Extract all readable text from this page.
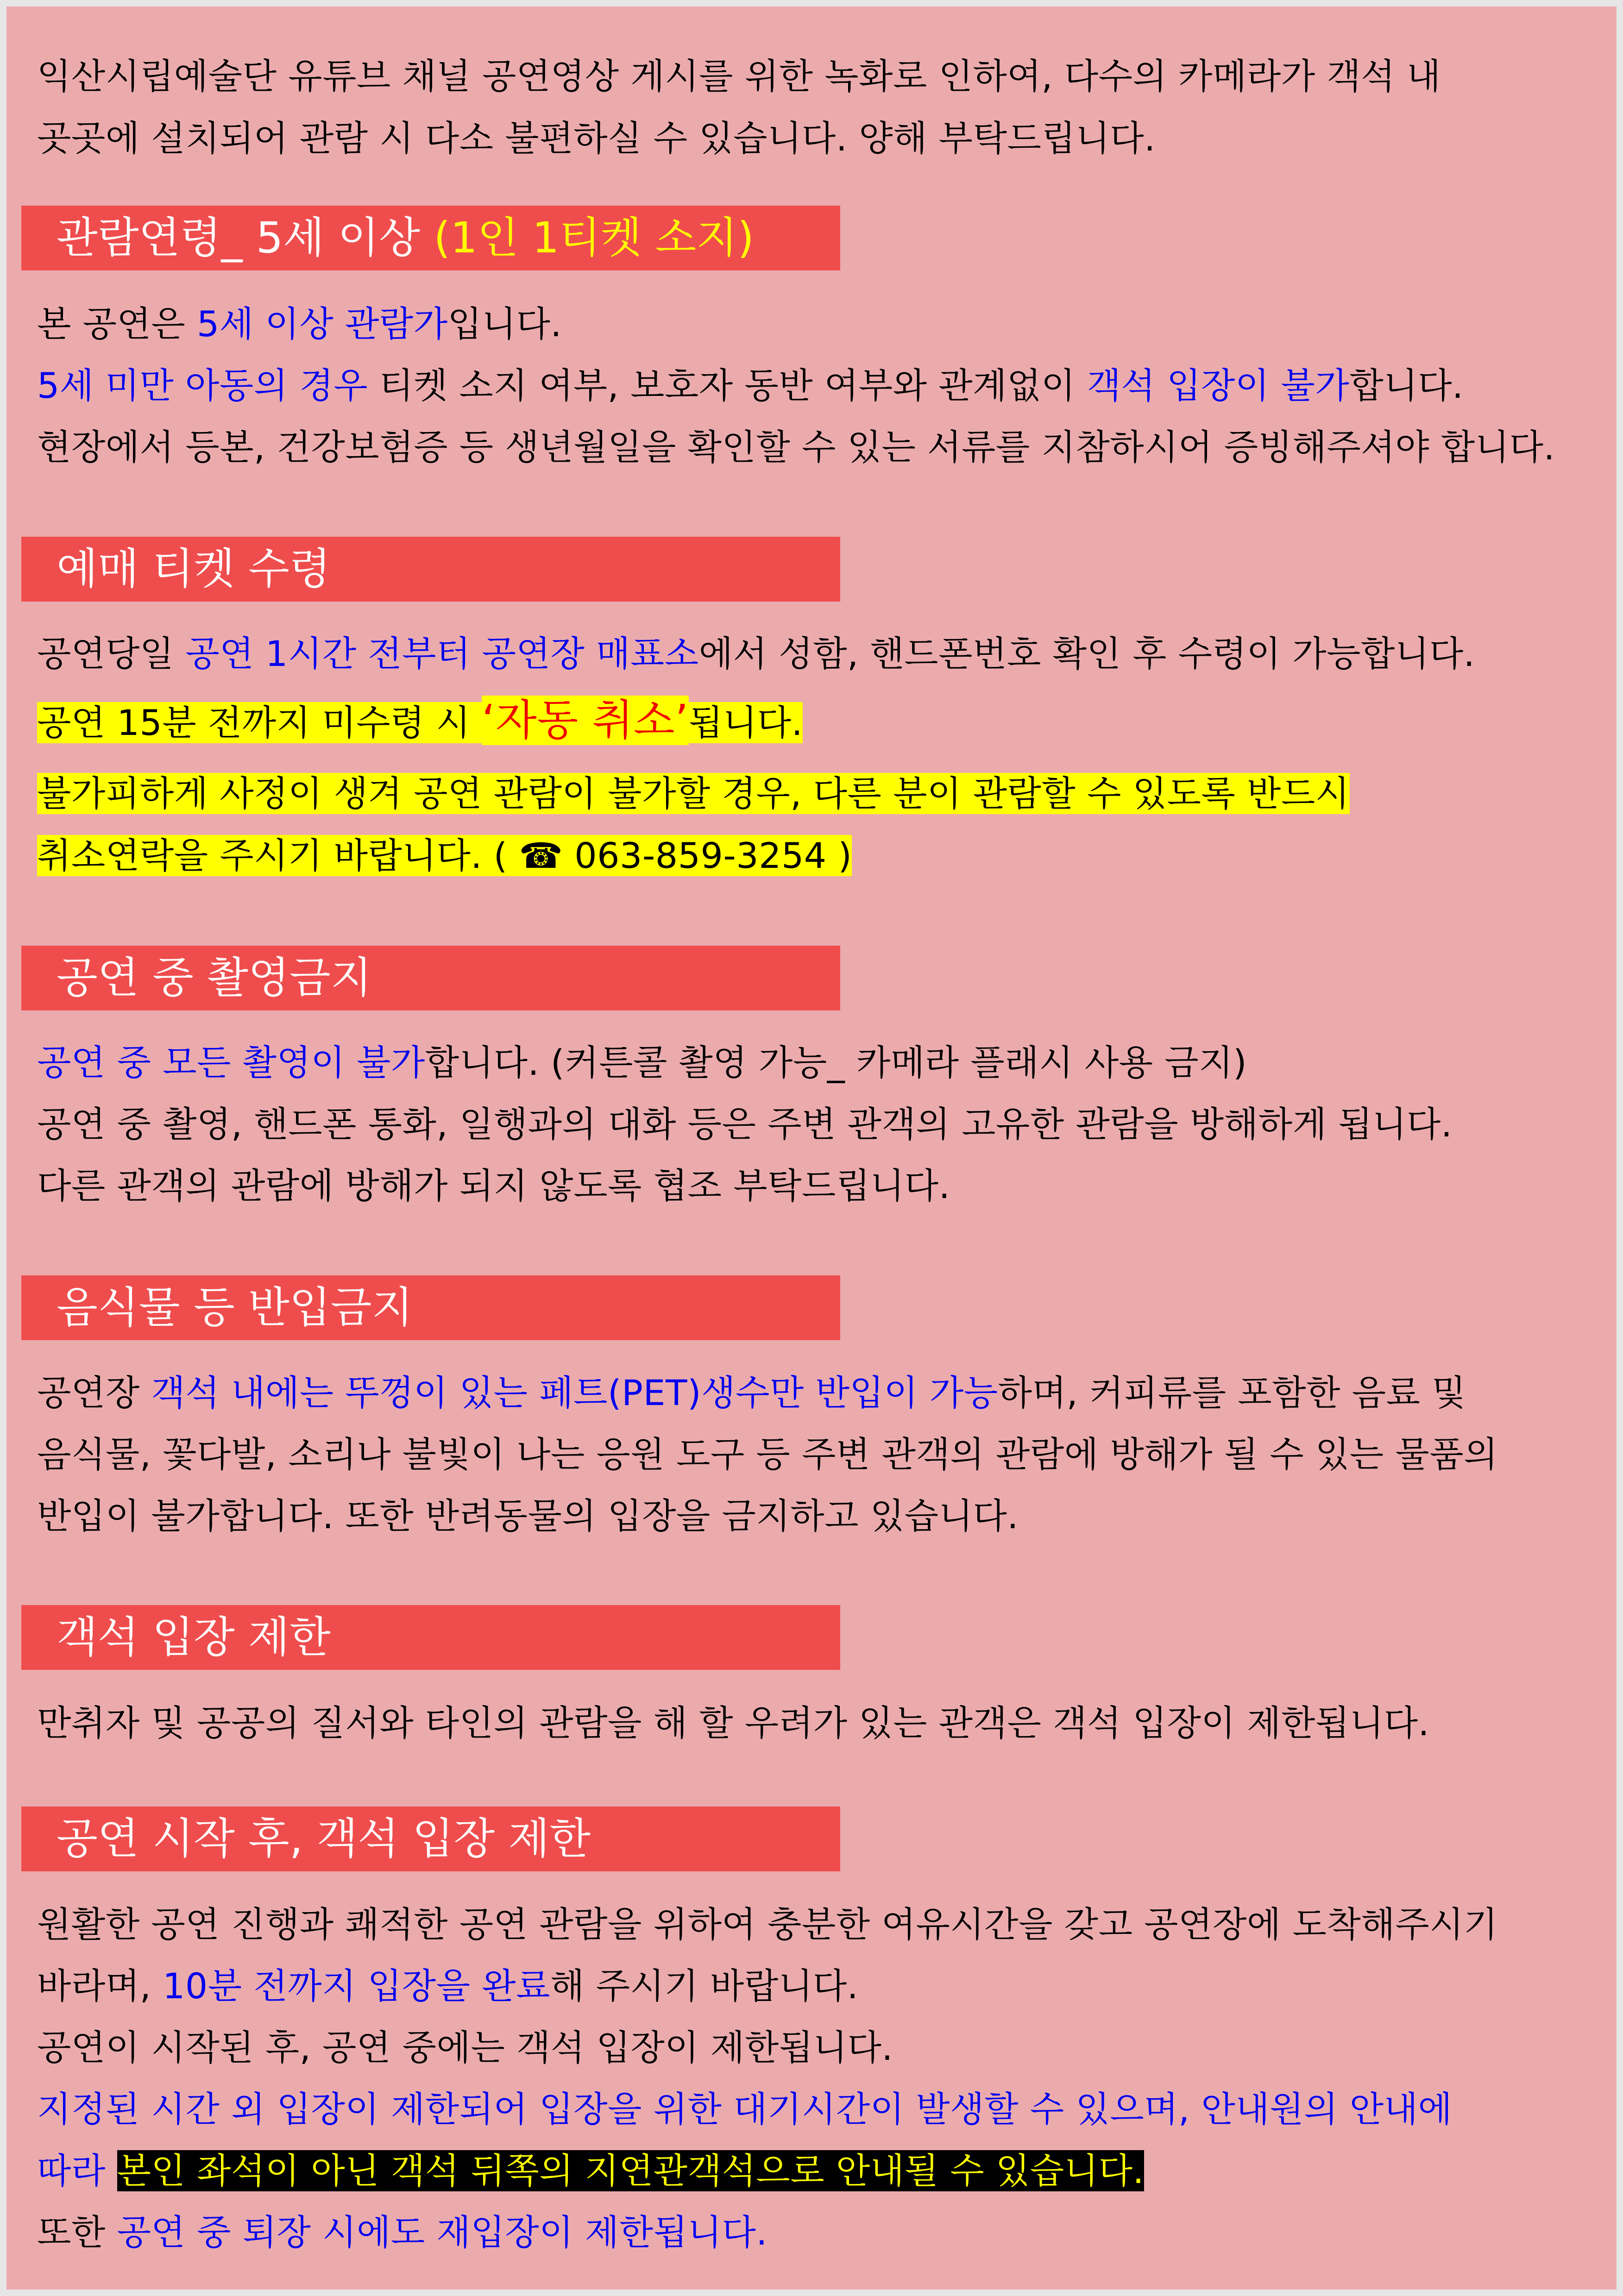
익산시립예술단 유튜브 채널 공연영상 게시를 위한 녹화로 인하여, 다수의 카메라가 객석 내
곳곳에 설치되어 관람 시 다소 불편하실 수 있습니다. 양해 부탁드립니다.
관람연령_ 5세 이상 (1인 1티켓 소지)
본 공연은 5세 이상 관람가입니다.
5세 미만 아동의 경우 티켓 소지 여부, 보호자 동반 여부와 관계없이 객석 입장이 불가합니다.
현장에서 등본, 건강보험증 등 생년월일을 확인할 수 있는 서류를 지참하시어 증빙해주셔야 합니다.
예매 티켓 수령
공연당일 공연 1시간 전부터 공연장 매표소에서 성함, 핸드폰번호 확인 후 수령이 가능합니다.
공연 15분 전까지 미수령 시 ‘자동 취소’됩니다.
불가피하게 사정이 생겨 공연 관람이 불가할 경우, 다른 분이 관람할 수 있도록 반드시
취소연락을 주시기 바랍니다. ( ☎ 063-859-3254 )
공연 중 촬영금지
공연 중 모든 촬영이 불가합니다. (커튼콜 촬영 가능_ 카메라 플래시 사용 금지)
공연 중 촬영, 핸드폰 통화, 일행과의 대화 등은 주변 관객의 고유한 관람을 방해하게 됩니다.
다른 관객의 관람에 방해가 되지 않도록 협조 부탁드립니다.
음식물 등 반입금지
공연장 객석 내에는 뚜껑이 있는 페트(PET)생수만 반입이 가능하며, 커피류를 포함한 음료 및
음식물, 꽃다발, 소리나 불빛이 나는 응원 도구 등 주변 관객의 관람에 방해가 될 수 있는 물품의
반입이 불가합니다. 또한 반려동물의 입장을 금지하고 있습니다.
객석 입장 제한
만취자 및 공공의 질서와 타인의 관람을 해 할 우려가 있는 관객은 객석 입장이 제한됩니다.
공연 시작 후, 객석 입장 제한
원활한 공연 진행과 쾌적한 공연 관람을 위하여 충분한 여유시간을 갖고 공연장에 도착해주시기
바라며, 10분 전까지 입장을 완료해 주시기 바랍니다.
공연이 시작된 후, 공연 중에는 객석 입장이 제한됩니다.
지정된 시간 외 입장이 제한되어 입장을 위한 대기시간이 발생할 수 있으며, 안내원의 안내에
따라 본인 좌석이 아닌 객석 뒤쪽의 지연관객석으로 안내될 수 있습니다.
또한 공연 중 퇴장 시에도 재입장이 제한됩니다.
